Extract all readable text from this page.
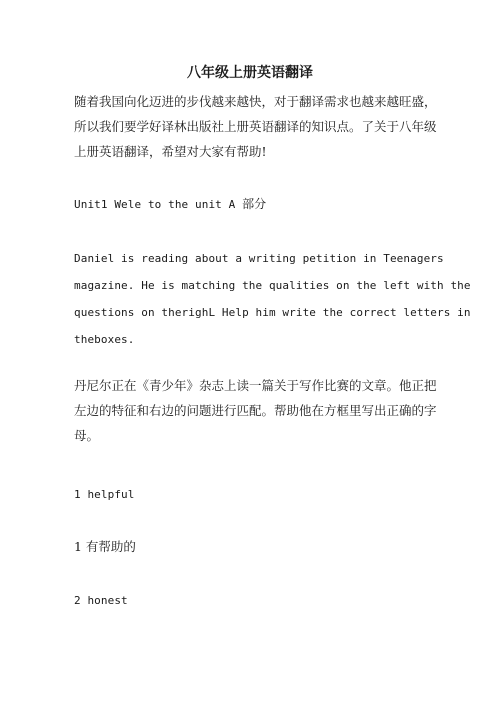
八年级上册英语翻译

随着我国向化迈进的步伐越来越快，对于翻译需求也越来越旺盛，
所以我们要学好译林出版社上册英语翻译的知识点。了关于八年级
上册英语翻译，希望对大家有帮助!

Unit1 Wele to the unit A 部分

Daniel is reading about a writing petition in Teenagers
magazine. He is matching the qualities on the left with the
questions on therighL Help him write the correct letters in
theboxes.

丹尼尔正在《青少年》杂志上读一篇关于写作比赛的文章。他正把
左边的特征和右边的问题进行匹配。帮助他在方框里写出正确的字
母。

1 helpful

1 有帮助的

2 honest
